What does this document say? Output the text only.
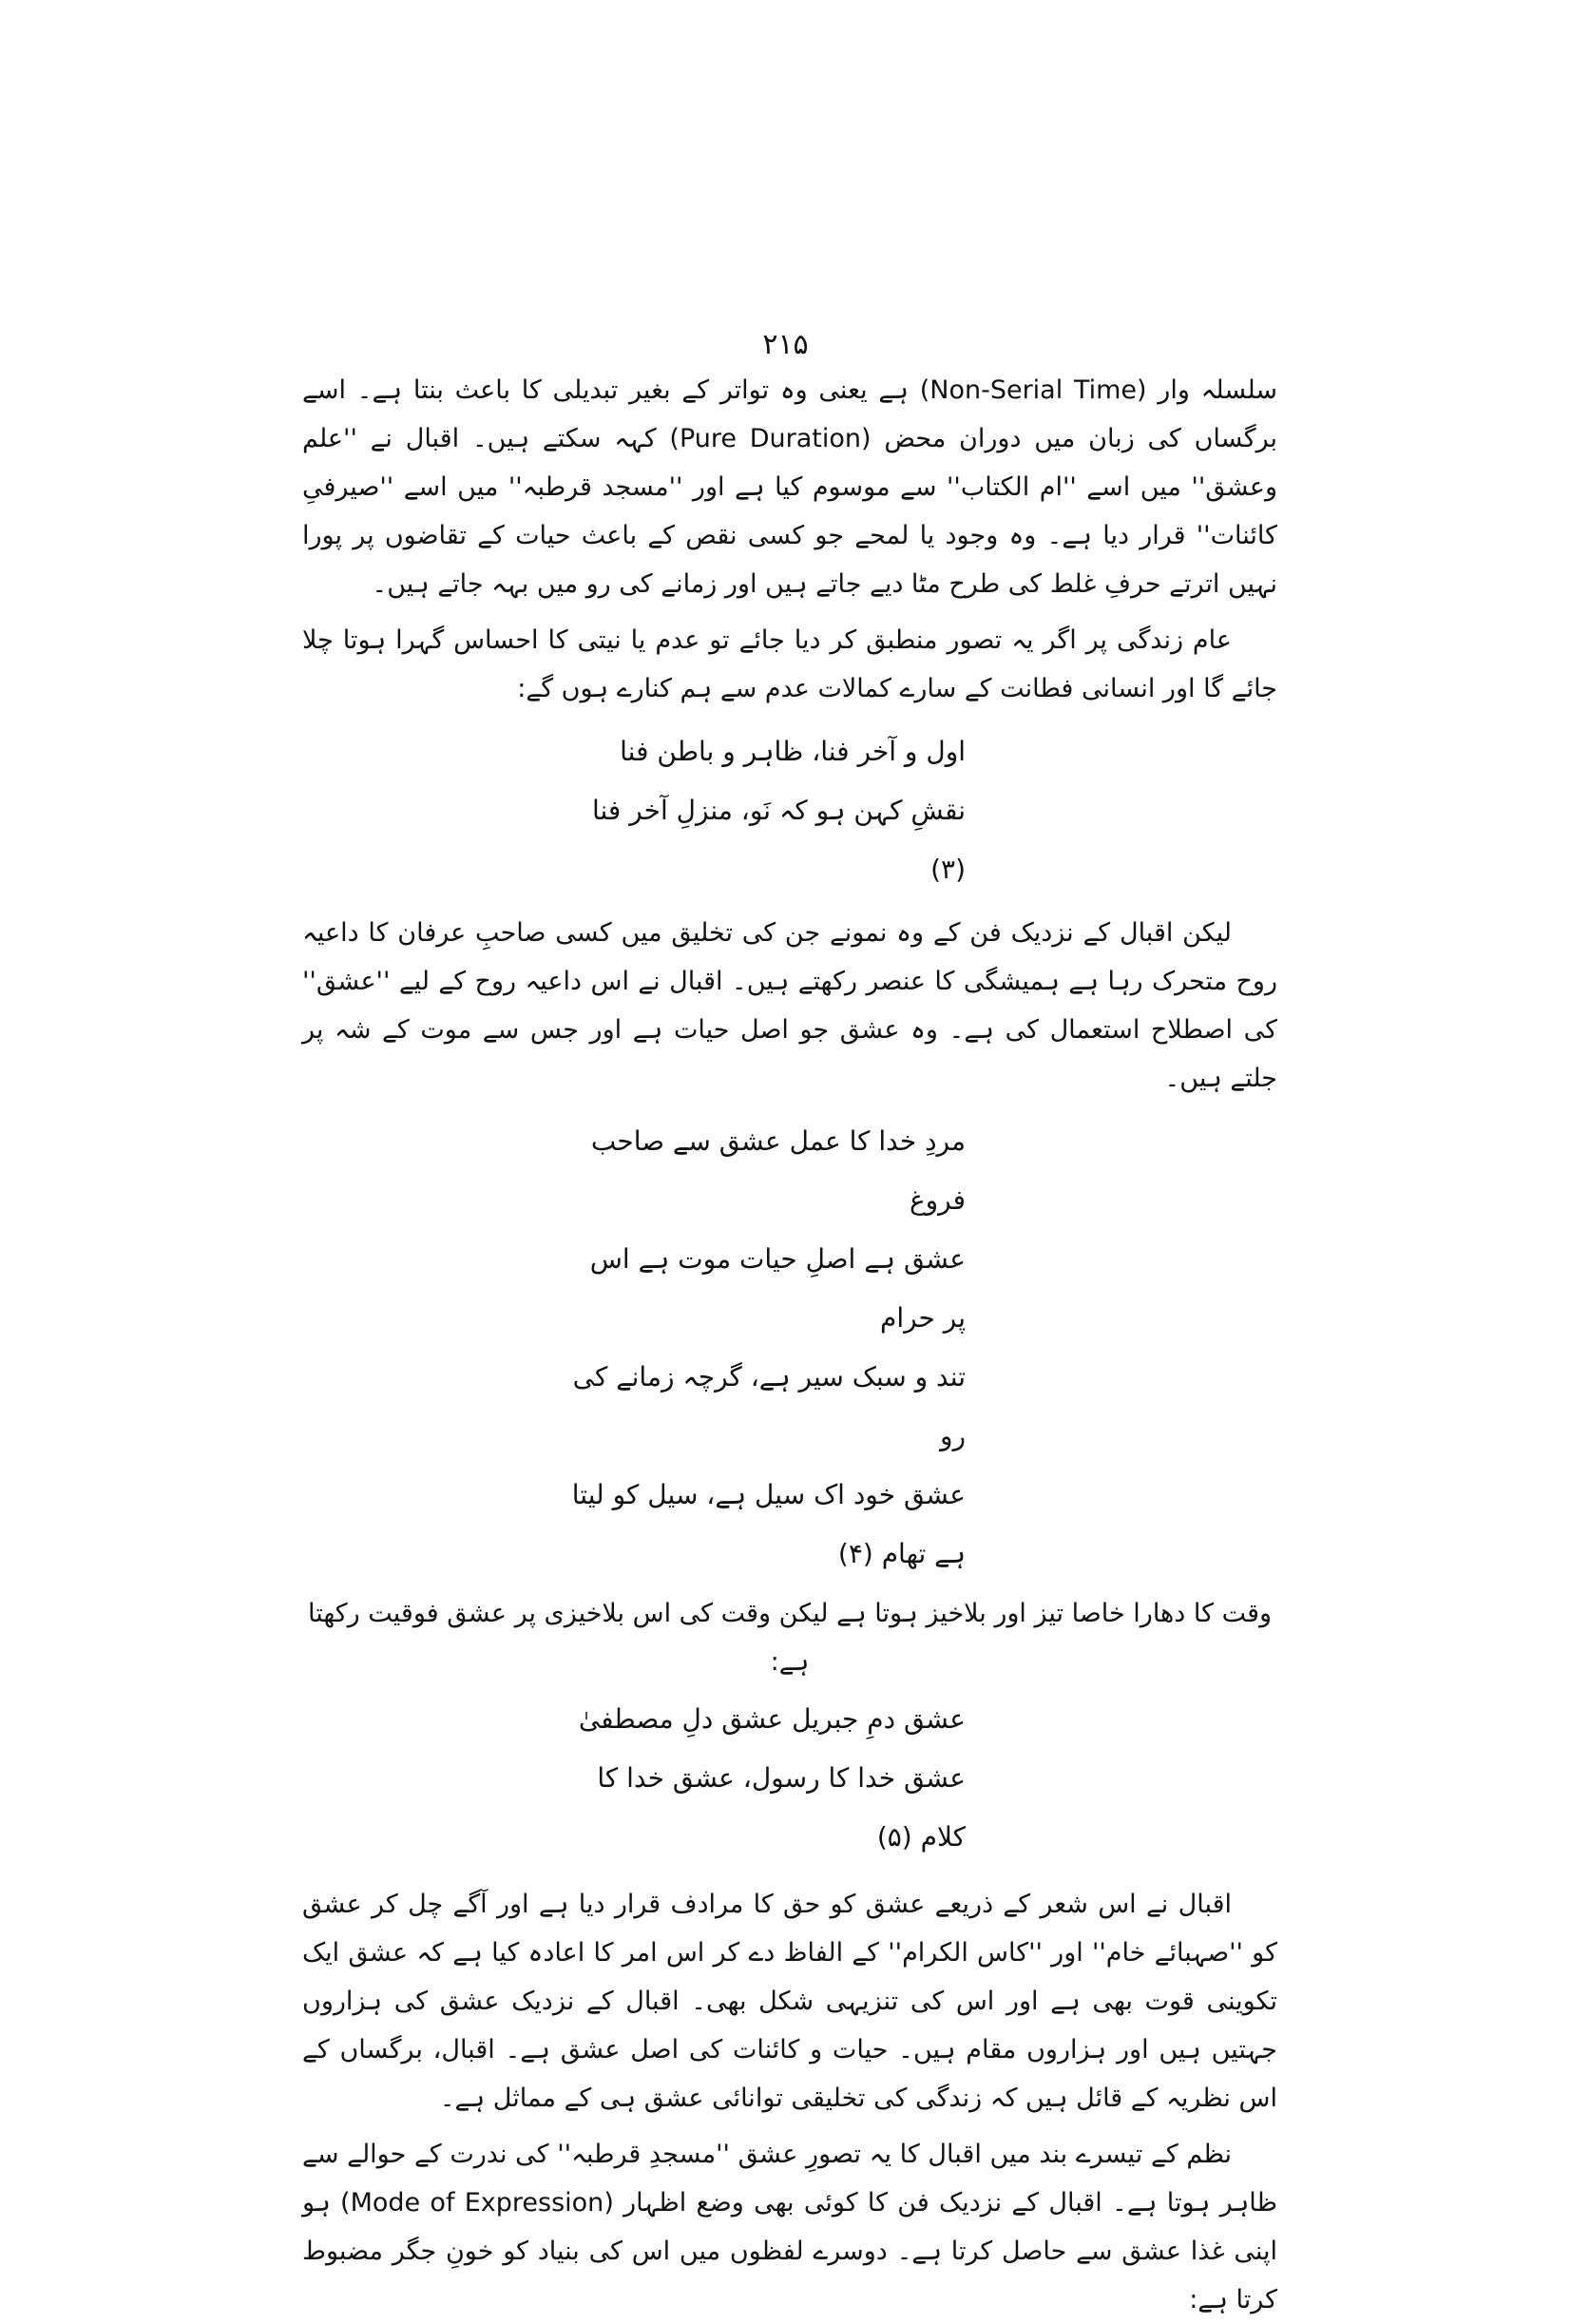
۲۱۵

سلسلہ وار (Non-Serial Time) ہے یعنی وہ تواتر کے بغیر تبدیلی کا باعث بنتا ہے۔ اسے برگساں کی زبان میں دوران محض (Pure Duration) کہہ سکتے ہیں۔ اقبال نے ''علم وعشق'' میں اسے ''ام الکتاب'' سے موسوم کیا ہے اور ''مسجد قرطبہ'' میں اسے ''صیرفیِ کائنات'' قرار دیا ہے۔ وہ وجود یا لمحے جو کسی نقص کے باعث حیات کے تقاضوں پر پورا نہیں اترتے حرفِ غلط کی طرح مٹا دیے جاتے ہیں اور زمانے کی رو میں بہہ جاتے ہیں۔

عام زندگی پر اگر یہ تصور منطبق کر دیا جائے تو عدم یا نیتی کا احساس گہرا ہوتا چلا جائے گا اور انسانی فطانت کے سارے کمالات عدم سے ہم کنارے ہوں گے:

اول و آخر فنا، ظاہر و باطن فنا
نقشِ کہن ہو کہ نَو، منزلِ آخر فنا (۳)

لیکن اقبال کے نزدیک فن کے وہ نمونے جن کی تخلیق میں کسی صاحبِ عرفان کا داعیہ روح متحرک رہا ہے ہمیشگی کا عنصر رکھتے ہیں۔ اقبال نے اس داعیہ روح کے لیے ''عشق'' کی اصطلاح استعمال کی ہے۔ وہ عشق جو اصل حیات ہے اور جس سے موت کے شہ پر جلتے ہیں۔

مردِ خدا کا عمل عشق سے صاحب فروغ
عشق ہے اصلِ حیات موت ہے اس پر حرام
تند و سبک سیر ہے، گرچہ زمانے کی رو
عشق خود اک سیل ہے، سیل کو لیتا ہے تھام (۴)
وقت کا دھارا خاصا تیز اور بلاخیز ہوتا ہے لیکن وقت کی اس بلاخیزی پر عشق فوقیت رکھتا ہے:
عشق دمِ جبریل عشق دلِ مصطفیٰ
عشق خدا کا رسول، عشق خدا کا کلام (۵)

اقبال نے اس شعر کے ذریعے عشق کو حق کا مرادف قرار دیا ہے اور آگے چل کر عشق کو ''صہبائے خام'' اور ''کاس الکرام'' کے الفاظ دے کر اس امر کا اعادہ کیا ہے کہ عشق ایک تکوینی قوت بھی ہے اور اس کی تنزیہی شکل بھی۔ اقبال کے نزدیک عشق کی ہزاروں جہتیں ہیں اور ہزاروں مقام ہیں۔ حیات و کائنات کی اصل عشق ہے۔ اقبال، برگساں کے اس نظریہ کے قائل ہیں کہ زندگی کی تخلیقی توانائی عشق ہی کے مماثل ہے۔

نظم کے تیسرے بند میں اقبال کا یہ تصورِ عشق ''مسجدِ قرطبہ'' کی ندرت کے حوالے سے ظاہر ہوتا ہے۔ اقبال کے نزدیک فن کا کوئی بھی وضع اظہار (Mode of Expression) ہو اپنی غذا عشق سے حاصل کرتا ہے۔ دوسرے لفظوں میں اس کی بنیاد کو خونِ جگر مضبوط کرتا ہے:
